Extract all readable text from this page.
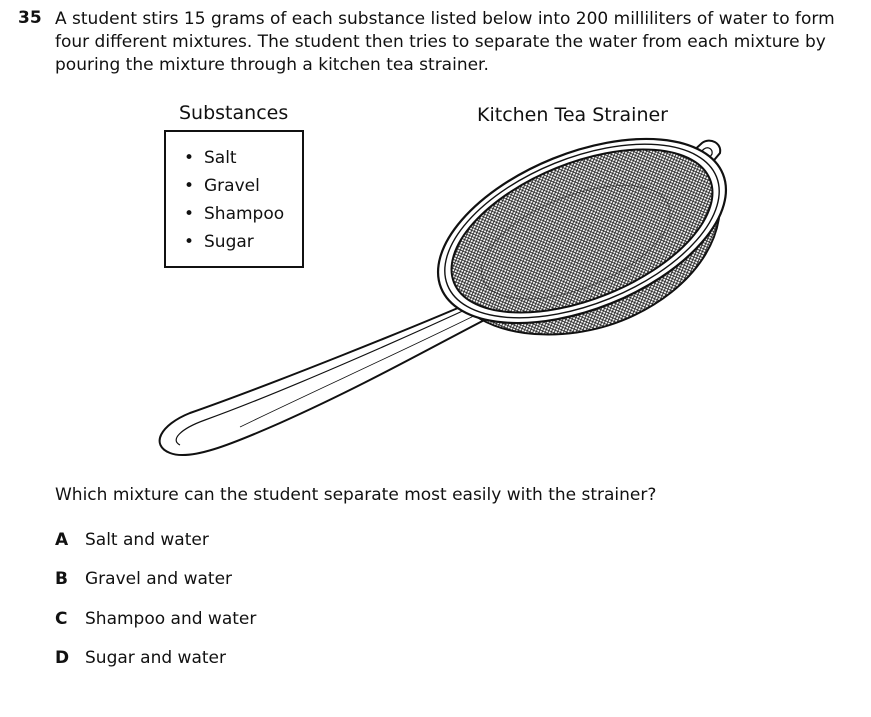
35 A student stirs 15 grams of each substance listed below into 200 milliliters of water to form four different mixtures. The student then tries to separate the water from each mixture by pouring the mixture through a kitchen tea strainer.

Substances	Kitchen Tea Strainer
• Salt
• Gravel
• Shampoo
• Sugar

Which mixture can the student separate most easily with the strainer?

A Salt and water
B Gravel and water
C Shampoo and water
D Sugar and water
